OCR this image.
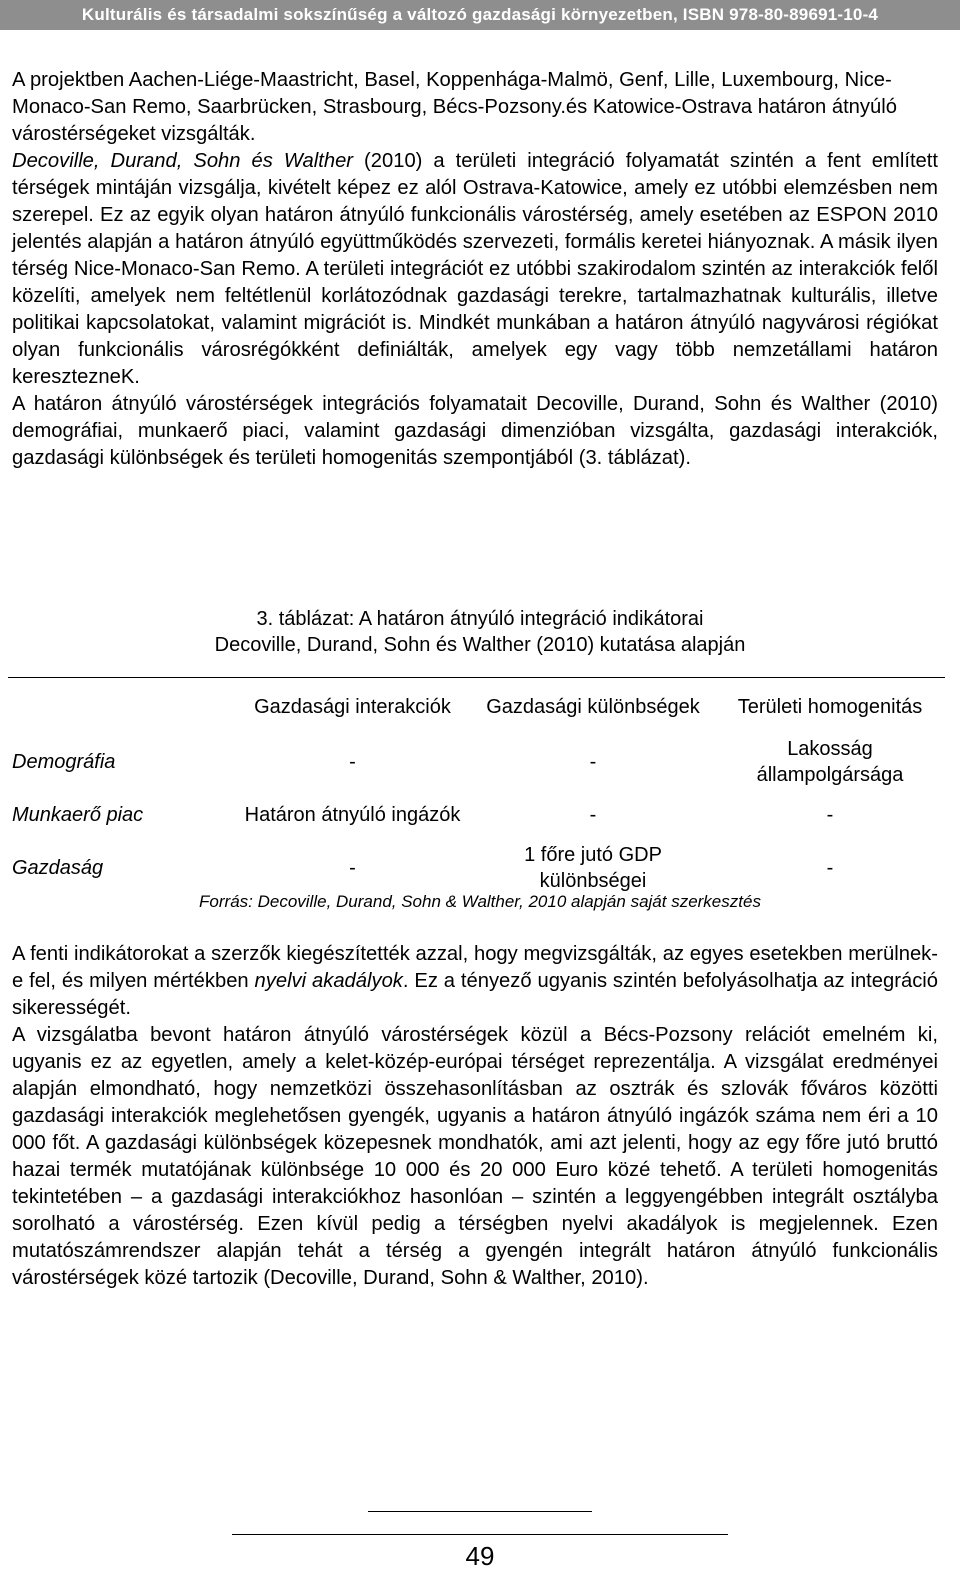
Kulturális és társadalmi sokszínűség a változó gazdasági környezetben, ISBN 978-80-89691-10-4

A projektben Aachen-Liége-Maastricht, Basel, Koppenhága-Malmö, Genf, Lille, Luxembourg, Nice-Monaco-San Remo, Saarbrücken, Strasbourg, Bécs-Pozsony.és Katowice-Ostrava határon átnyúló várostérségeket vizsgálták.

Decoville, Durand, Sohn és Walther (2010) a területi integráció folyamatát szintén a fent említett térségek mintáján vizsgálja, kivételt képez ez alól Ostrava-Katowice, amely ez utóbbi elemzésben nem szerepel. Ez az egyik olyan határon átnyúló funkcionális várostérség, amely esetében az ESPON 2010 jelentés alapján a határon átnyúló együttműködés szervezeti, formális keretei hiányoznak. A másik ilyen térség Nice-Monaco-San Remo. A területi integrációt ez utóbbi szakirodalom szintén az interakciók felől közelíti, amelyek nem feltétlenül korlátozódnak gazdasági terekre, tartalmazhatnak kulturális, illetve politikai kapcsolatokat, valamint migrációt is. Mindkét munkában a határon átnyúló nagyvárosi régiókat olyan funkcionális városrégókként definiálták, amelyek egy vagy több nemzetállami határon keresztezneK.

A határon átnyúló várostérségek integrációs folyamatait Decoville, Durand, Sohn és Walther (2010) demográfiai, munkaerő piaci, valamint gazdasági dimenzióban vizsgálta, gazdasági interakciók, gazdasági különbségek és területi homogenitás szempontjából (3. táblázat).

3. táblázat: A határon átnyúló integráció indikátorai
Decoville, Durand, Sohn és Walther (2010) kutatása alapján
	Gazdasági interakciók	Gazdasági különbségek	Területi homogenitás
Demográfia	-	-	Lakosság állampolgársága
Munkaerő piac	Határon átnyúló ingázók	-	-
Gazdaság	-	1 főre jutó GDP különbségei	-
Forrás: Decoville, Durand, Sohn & Walther, 2010 alapján saját szerkesztés

A fenti indikátorokat a szerzők kiegészítették azzal, hogy megvizsgálták, az egyes esetekben merülnek-e fel, és milyen mértékben nyelvi akadályok. Ez a tényező ugyanis szintén befolyásolhatja az integráció sikerességét.

A vizsgálatba bevont határon átnyúló várostérségek közül a Bécs-Pozsony relációt emelném ki, ugyanis ez az egyetlen, amely a kelet-közép-európai térséget reprezentálja. A vizsgálat eredményei alapján elmondható, hogy nemzetközi összehasonlításban az osztrák és szlovák főváros közötti gazdasági interakciók meglehetősen gyengék, ugyanis a határon átnyúló ingázók száma nem éri a 10 000 főt. A gazdasági különbségek közepesnek mondhatók, ami azt jelenti, hogy az egy főre jutó bruttó hazai termék mutatójának különbsége 10 000 és 20 000 Euro közé tehető. A területi homogenitás tekintetében – a gazdasági interakciókhoz hasonlóan – szintén a leggyengébben integrált osztályba sorolható a várostérség. Ezen kívül pedig a térségben nyelvi akadályok is megjelennek. Ezen mutatószámrendszer alapján tehát a térség a gyengén integrált határon átnyúló funkcionális várostérségek közé tartozik (Decoville, Durand, Sohn & Walther, 2010).

49
